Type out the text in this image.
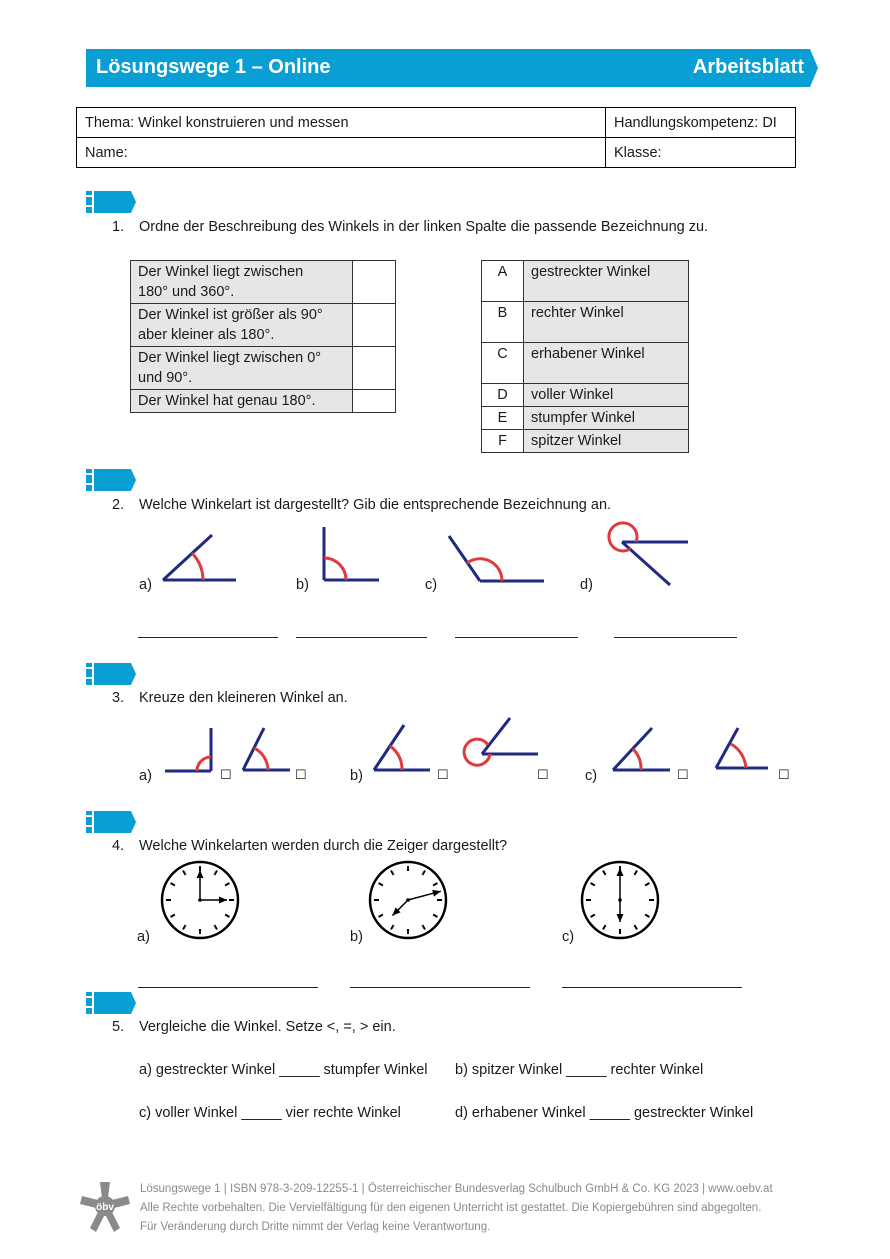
Lösungswege 1 – Online	Arbeitsblatt
Thema: Winkel konstruieren und messen	Handlungskompetenz: DI
Name:	Klasse:
1. Ordne der Beschreibung des Winkels in der linken Spalte die passende Bezeichnung zu.
Der Winkel liegt zwischen
180° und 360°.	
Der Winkel ist größer als 90°
aber kleiner als 180°.	
Der Winkel liegt zwischen 0°
und 90°.	
Der Winkel hat genau 180°.	
A	gestreckter Winkel
B	rechter Winkel
C	erhabener Winkel
D	voller Winkel
E	stumpfer Winkel
F	spitzer Winkel
2. Welche Winkelart ist dargestellt? Gib die entsprechende Bezeichnung an.
a)	b)	c)	d)
3. Kreuze den kleineren Winkel an.
a)	b)	c)
☐	☐	☐	☐	☐	☐
4. Welche Winkelarten werden durch die Zeiger dargestellt?
a)	b)	c)
5. Vergleiche die Winkel. Setze <, =, > ein.
a) gestreckter Winkel _____ stumpfer Winkel b) spitzer Winkel _____ rechter Winkel
c) voller Winkel _____ vier rechte Winkel	d) erhabener Winkel _____ gestreckter Winkel
öbv
Lösungswege 1 | ISBN 978-3-209-12255-1 | Österreichischer Bundesverlag Schulbuch GmbH & Co. KG 2023 | www.oebv.at
Alle Rechte vorbehalten. Die Vervielfältigung für den eigenen Unterricht ist gestattet. Die Kopiergebühren sind abgegolten.
Für Veränderung durch Dritte nimmt der Verlag keine Verantwortung.
